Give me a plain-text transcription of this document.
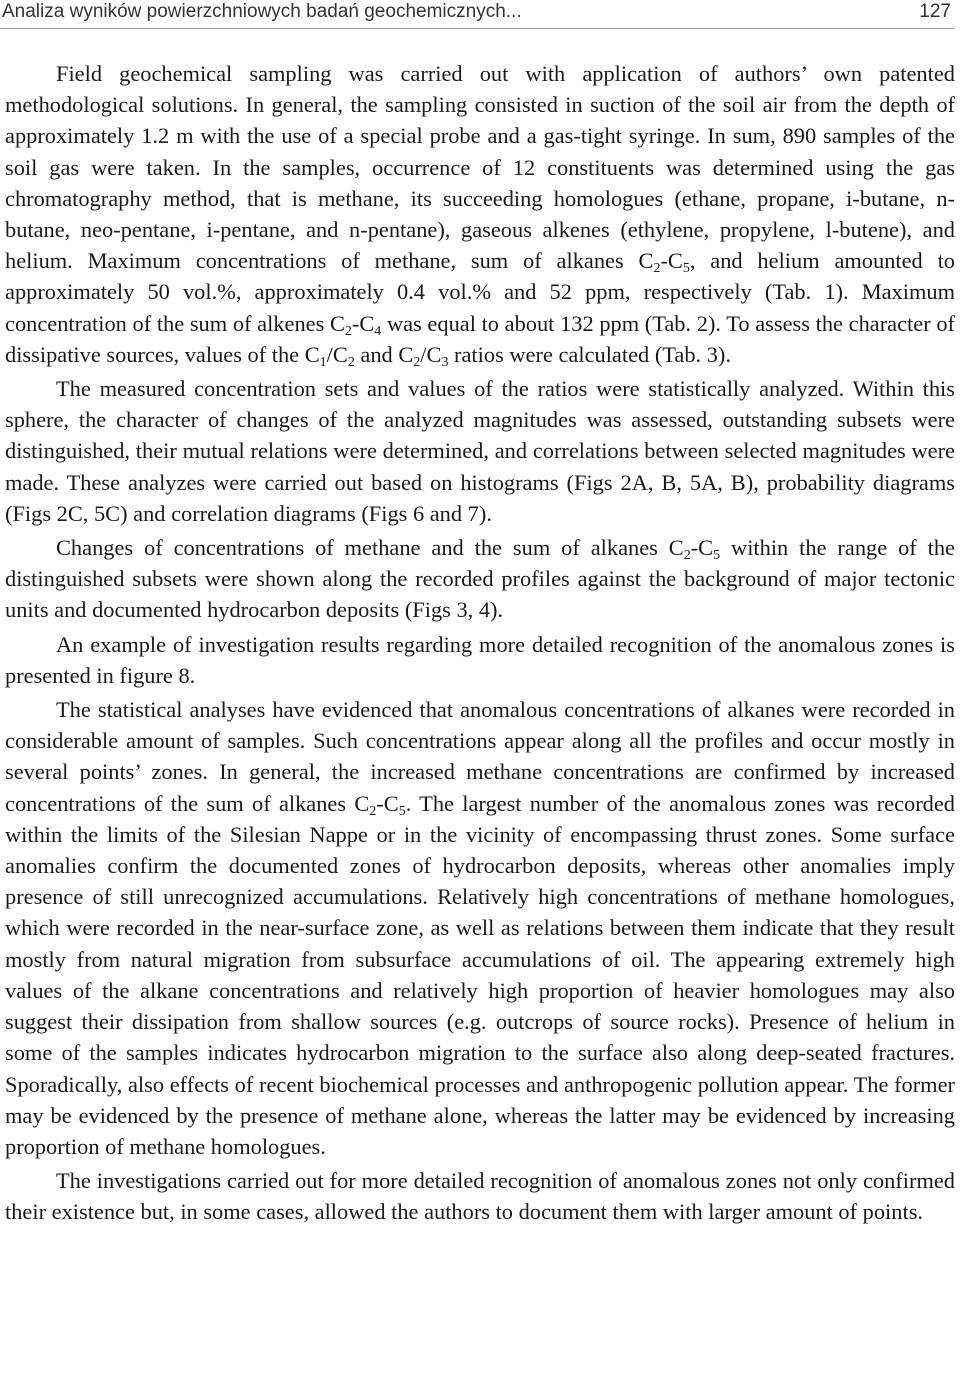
Analiza wyników powierzchniowych badań geochemicznych...	127

Field geochemical sampling was carried out with application of authors’ own patented methodological solutions. In general, the sampling consisted in suction of the soil air from the depth of approximately 1.2 m with the use of a special probe and a gas-tight syringe. In sum, 890 samples of the soil gas were taken. In the samples, occurrence of 12 constituents was determined using the gas chromatography method, that is methane, its succeeding homologues (ethane, propane, i-butane, n-butane, neo-pentane, i-pentane, and n-pentane), gaseous alkenes (ethylene, propylene, l-butene), and helium. Maximum concentrations of methane, sum of alkanes $C_2-C_5$, and helium amounted to approximately 50 vol.%, approximately 0.4 vol.% and 52 ppm, respectively (Tab. 1). Maximum concentration of the sum of alkenes $C_2-C_4$ was equal to about 132 ppm (Tab. 2). To assess the character of dissipative sources, values of the $C_1/C_2$ and $C_2/C_3$ ratios were calculated (Tab. 3).

The measured concentration sets and values of the ratios were statistically analyzed. Within this sphere, the character of changes of the analyzed magnitudes was assessed, outstanding subsets were distinguished, their mutual relations were determined, and correlations between selected magnitudes were made. These analyzes were carried out based on histograms (Figs 2A, B, 5A, B), probability diagrams (Figs 2C, 5C) and correlation diagrams (Figs 6 and 7).

Changes of concentrations of methane and the sum of alkanes $C_2-C_5$ within the range of the distinguished subsets were shown along the recorded profiles against the background of major tectonic units and documented hydrocarbon deposits (Figs 3, 4).

An example of investigation results regarding more detailed recognition of the anomalous zones is presented in figure 8.

The statistical analyses have evidenced that anomalous concentrations of alkanes were recorded in considerable amount of samples. Such concentrations appear along all the profiles and occur mostly in several points’ zones. In general, the increased methane concentrations are confirmed by increased concentrations of the sum of alkanes $C_2-C_5$. The largest number of the anomalous zones was recorded within the limits of the Silesian Nappe or in the vicinity of encompassing thrust zones. Some surface anomalies confirm the documented zones of hydrocarbon deposits, whereas other anomalies imply presence of still unrecognized accumulations. Relatively high concentrations of methane homologues, which were recorded in the near-surface zone, as well as relations between them indicate that they result mostly from natural migration from subsurface accumulations of oil. The appearing extremely high values of the alkane concentrations and relatively high proportion of heavier homologues may also suggest their dissipation from shallow sources (e.g. outcrops of source rocks). Presence of helium in some of the samples indicates hydrocarbon migration to the surface also along deep-seated fractures. Sporadically, also effects of recent biochemical processes and anthropogenic pollution appear. The former may be evidenced by the presence of methane alone, whereas the latter may be evidenced by increasing proportion of methane homologues.

The investigations carried out for more detailed recognition of anomalous zones not only confirmed their existence but, in some cases, allowed the authors to document them with larger amount of points.
